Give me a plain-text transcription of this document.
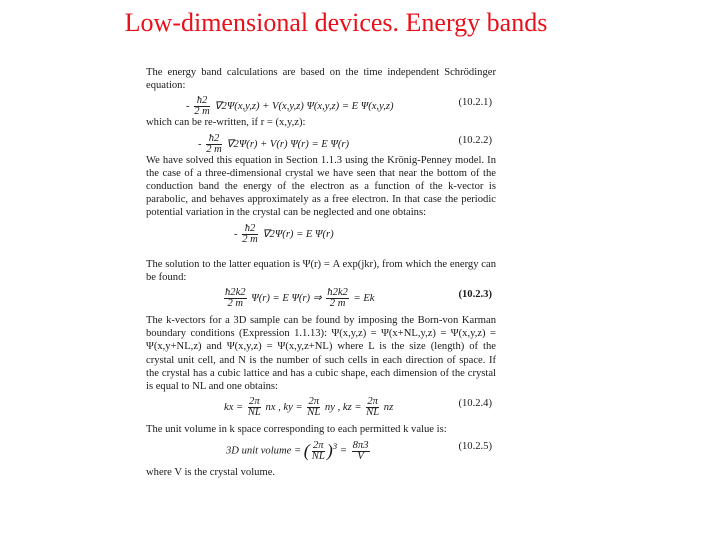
Low-dimensional devices. Energy bands

The energy band calculations are based on the time independent Schrödinger equation:

- $\frac{ħ2}{2 m} \nabla 2\Psi(x,y,z) + V(x,y,z) \Psi(x,y,z) = E$ Ψ(x,y,z)	(10.2.1)

which can be re-written, if r = (x,y,z):

- $\frac{ħ2}{2 m} \nabla 2\Psi(r) + V(r) \Psi(r) = E$ Ψ(r)	(10.2.2)

We have solved this equation in Section 1.1.3 using the Krönig-Penney model. In the case of a three-dimensional crystal we have seen that near the bottom of the conduction band the energy of the electron as a function of the k-vector is parabolic, and behaves approximately as a free electron. In that case the periodic potential variation in the crystal can be neglected and one obtains:

- $\frac{ħ2}{2 m} \nabla 2\Psi(r) = E$ Ψ(r)

The solution to the latter equation is Ψ(r) = A exp(jkr), from which the energy can be found:

$\frac{ħ2k2}{2 m} \Psi(r) = E$ Ψ(r) ⇒ $\frac{ħ2k2}{2 m} = Ek$	(10.2.3)

The k-vectors for a 3D sample can be found by imposing the Born-von Karman boundary conditions (Expression 1.1.13): Ψ(x,y,z) = Ψ(x+NL,y,z) = Ψ(x,y,z) = Ψ(x,y+NL,z) and Ψ(x,y,z) = Ψ(x,y,z+NL) where L is the size (length) of the crystal unit cell, and N is the number of such cells in each direction of space. If the crystal has a cubic lattice and has a cubic shape, each dimension of the crystal is equal to NL and one obtains:

kx = $\frac{2\pi}{NL}$ nx , ky = $\frac{2\pi}{NL}$ ny , kz = $\frac{2\pi}{NL}$ nz	(10.2.4)

The unit volume in k space corresponding to each permitted k value is:

3D unit volume = ( $\frac{2\pi}{NL} )^3 = \frac{8\pi 3}{V}$	(10.2.5)

where V is the crystal volume.
